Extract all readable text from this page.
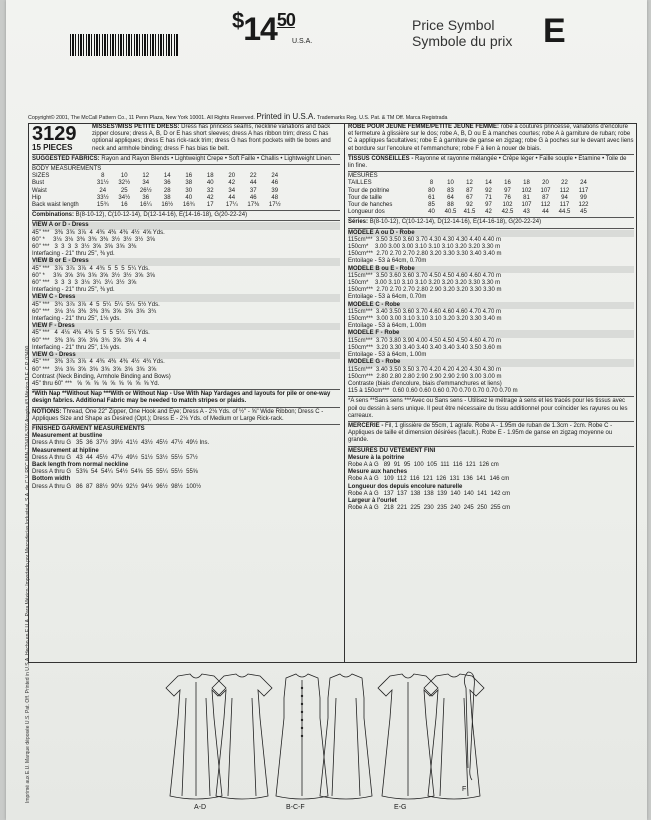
$^{\$}14^{50}$
U.S.A.
Price Symbol
Symbole du prix E
Copyright© 2001, The McCall Pattern Co., 11 Penn Plaza, New York 10001. All Rights Reserved. Printed in U.S.A. Trademarks Reg. U.S. Pat. & TM Off. Marca Registrada
Imprimé aux E.U. Marque déposée U.S. Pat. Off. Printed in U.S.A. Hecho en E.U.A. Para México: Importado por Mercaderías Industrial, S.A. de C.V. RFC MIN-720418-3Z6 Aragón #3 México D.F. C.P. 03400
3129
15 PIECES
MISSES'/MISS PETITE DRESS: Dress has princess seams, neckline variations and back zipper closure; dress A, B, D or E has short sleeves; dress A has ribbon trim; dress C has optional appliques; dress E has rick-rack trim; dress G has front pockets with tie bows and neck and armhole binding; dress F has bias tie belt.
SUGGESTED FABRICS: Rayon and Rayon Blends • Lightweight Crepe • Soft Faille • Challis • Lightweight Linen.
BODY MEASUREMENTS
SIZES	8	10	12	14	16	18	20	22	24
Bust	31½	32½	34	36	38	40	42	44	46
Waist	24	25	26½	28	30	32	34	37	39
Hip	33½	34½	36	38	40	42	44	46	48
Back waist length	15¾	16	16¼	16½	16¾	17	17¼	17⅜	17½
Combinations: B(8-10-12), C(10-12-14), D(12-14-16), E(14-16-18), G(20-22-24)
VIEW A or D - Dress
45" ***   3⅜  3⅝  3⅞  4  4⅜  4⅜  4⅜  4½  4⅝ Yds.
60" *     3⅛  3⅛  3⅜  3⅜  3⅜  3½  3½  3½  3⅝
60" ***   3  3  3  3  3½  3⅝  3⅝  3⅝  3⅜
Interfacing - 21" thru 25", ⅜ yd.
VIEW B or E - Dress
45" ***   3⅞  3⅞  3⅞  4  4⅜  5  5  5  5¼ Yds.
60" *     3⅝  3⅝  3⅝  3⅝  3⅝  3½  3½  3⅝  3⅝
60" ***   3  3  3  3  3⅛  3¼  3¼  3½  3⅝
Interfacing - 21" thru 25", ⅜ yd.
VIEW C - Dress
45" ***   3¾  3⅞  3⅞  4  5  5¼  5¼  5¼  5½ Yds.
60" ***   3⅛  3⅛  3⅜  3⅜  3⅜  3⅝  3⅝  3⅝  3¾
Interfacing - 21" thru 25", 1⅛ yds.
VIEW F - Dress
45" ***   4  4⅛  4⅜  4⅜  5  5  5  5¼  5¼ Yds.
60" ***   3⅜  3⅝  3⅝  3⅝  3¾  3⅝  3⅝  4  4
Interfacing - 21" thru 25", 1⅛ yds.
VIEW G - Dress
45" ***   3⅜  3⅞  3⅞  4  4⅜  4⅜  4⅜  4½  4¾ Yds.
60" ***   3⅛  3⅝  3⅝  3⅝  3⅝  3⅝  3⅝  3⅝  3⅝
Contrast (Neck Binding, Armhole Binding and Bows)
45" thru 60" ***   ⅝  ⅝  ⅝  ⅝  ⅝  ⅝  ⅝  ⅝  ⅝ Yd.
*With Nap **Without Nap ***With or Without Nap - Use With Nap Yardages and layouts for pile or one-way design fabrics. Additional Fabric may be needed to match stripes or plaids.
NOTIONS: Thread, One 22" Zipper, One Hook and Eye; Dress A - 2⅛ Yds. of ½" - ⅝" Wide Ribbon; Dress C - Appliques Size and Shape as Desired (Opt.); Dress E - 2⅛ Yds. of Medium or Large Rick-rack.
FINISHED GARMENT MEASUREMENTS
Measurement at bustline
Dress A thru G   35  36  37½  39½  41½  43½  45½  47½  49½ Ins.
Measurement at hipline
Dress A thru G   43  44  45½  47½  49½  51½  53½  55½  57½
Back length from normal neckline
Dress A thru G   53⅝  54  54¼  54½  54⅝  55  55¼  55½  55⅝
Bottom width
Dress A thru G   86  87  88½  90½  92½  94½  96½  98½  100½
ROBE POUR JEUNE FEMME/PETITE JEUNE FEMME: robe à coutures princesse, variations d'encolure et fermeture à glissière sur le dos; robe A, B, D ou E à manches courtes; robe A à garniture de ruban; robe C à appliques facultatives; robe E à garniture de ganse en zigzag; robe G à poches sur le devant avec liens et bordure sur l'encolure et l'emmanchure; robe F à lien à nouer de biais.
TISSUS CONSEILLES - Rayonne et rayonne mélangée • Crêpe léger • Faille souple • Etamine • Toile de lin fine.
MESURES
TAILLES	8	10	12	14	16	18	20	22	24
Tour de poitrine	80	83	87	92	97	102	107	112	117
Tour de taille	61	64	67	71	76	81	87	94	99
Tour de hanches	85	88	92	97	102	107	112	117	122
Longueur dos	40	40.5	41.5	42	42.5	43	44	44.5	45
Séries: B(8-10-12), C(10-12-14), D(12-14-16), E(14-16-18), G(20-22-24)
MODELE A ou D - Robe
115cm***  3.50 3.50 3.60 3.70 4.30 4.30 4.30 4.40 4.40 m
150cm*    3.00 3.00 3.00 3.10 3.10 3.10 3.20 3.20 3.30 m
150cm***  2.70 2.70 2.70 2.80 3.20 3.30 3.30 3.40 3.40 m
Entoilage - 53 à 64cm, 0.70m
MODELE B ou E - Robe
115cm***  3.50 3.60 3.60 3.70 4.50 4.50 4.60 4.60 4.70 m
150cm*    3.00 3.10 3.10 3.10 3.20 3.20 3.20 3.30 3.30 m
150cm***  2.70 2.70 2.70 2.80 2.90 3.20 3.20 3.30 3.30 m
Entoilage - 53 à 64cm, 0.70m
MODELE C - Robe
115cm***  3.40 3.50 3.60 3.70 4.60 4.60 4.60 4.70 4.70 m
150cm***  3.00 3.00 3.10 3.10 3.10 3.20 3.20 3.30 3.40 m
Entoilage - 53 à 64cm, 1.00m
MODELE F - Robe
115cm***  3.70 3.80 3.90 4.00 4.50 4.50 4.50 4.60 4.70 m
150cm***  3.20 3.30 3.40 3.40 3.40 3.40 3.40 3.50 3.60 m
Entoilage - 53 à 64cm, 1.00m
MODELE G - Robe
115cm***  3.40 3.50 3.50 3.70 4.20 4.20 4.20 4.30 4.30 m
150cm***  2.80 2.80 2.80 2.90 2.90 2.90 2.90 3.00 3.00 m
Contraste (biais d'encolure, biais d'emmanchures et liens)
115 à 150cm***  0.60 0.60 0.60 0.60 0.70 0.70 0.70 0.70 0.70 m
*A sens **Sans sens ***Avec ou Sans sens - Utilisez le métrage à sens et les tracés pour les tissus avec poil ou dessin à sens unique. Il peut être nécessaire du tissu additionnel pour coïncider les rayures ou les carreaux.
MERCERIE - Fil, 1 glissière de 55cm, 1 agrafe. Robe A - 1.95m de ruban de 1.3cm - 2cm. Robe C - Appliques de taille et dimension désirées (facult.). Robe E - 1.95m de ganse en zigzag moyenne ou grande.
MESURES DU VETEMENT FINI
Mesure à la poitrine
Robe A à G   89  91  95  100  105  111  116  121  126 cm
Mesure aux hanches
Robe A à G   109  112  116  121  126  131  136  141  146 cm
Longueur dos depuis encolure naturelle
Robe A à G   137  137  138  138  139  140  140  141  142 cm
Largeur à l'ourlet
Robe A à G   218  221  225  230  235  240  245  250  255 cm
A-D	B-C-F	E-G
F
